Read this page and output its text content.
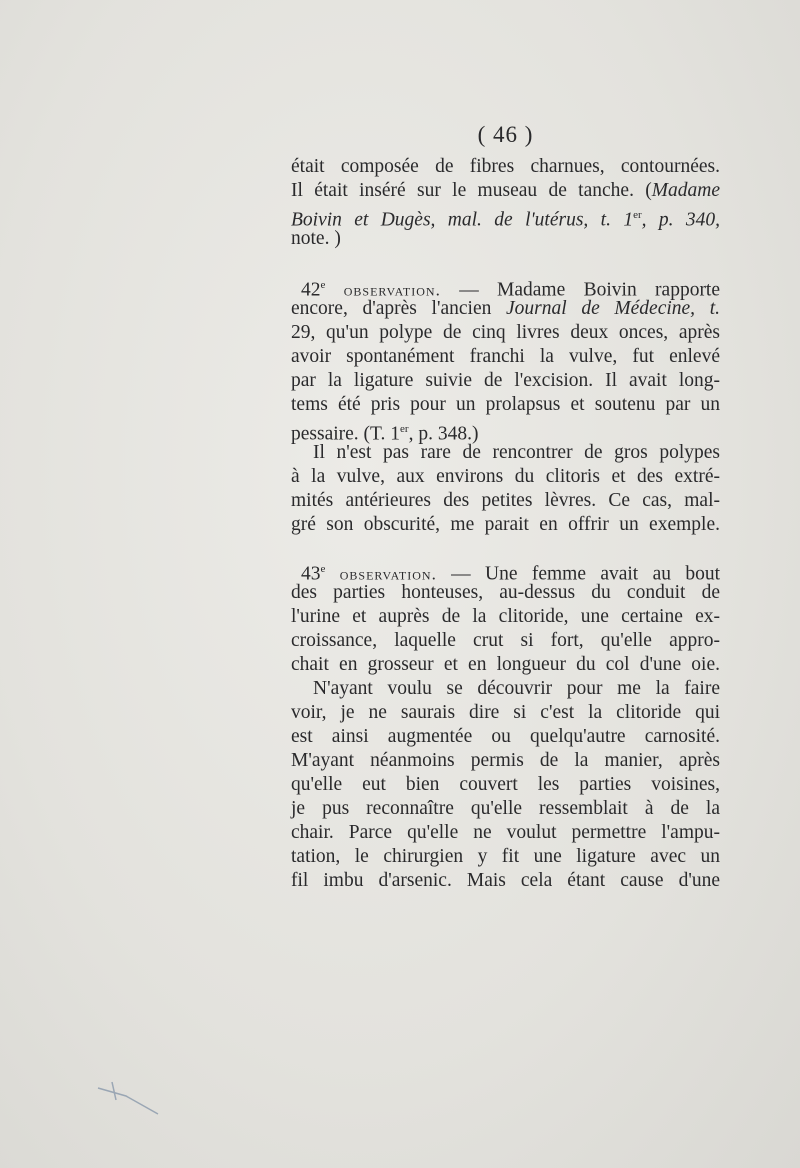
( 46 )
était composée de fibres charnues, contournées.
Il était inséré sur le museau de tanche. (Madame
Boivin et Dugès, mal. de l'utérus, t. 1er, p. 340,
note. )
42e observation. — Madame Boivin rapporte
encore, d'après l'ancien Journal de Médecine, t.
29, qu'un polype de cinq livres deux onces, après
avoir spontanément franchi la vulve, fut enlevé
par la ligature suivie de l'excision. Il avait long-
tems été pris pour un prolapsus et soutenu par un
pessaire. (T. 1er, p. 348.)
Il n'est pas rare de rencontrer de gros polypes
à la vulve, aux environs du clitoris et des extré-
mités antérieures des petites lèvres. Ce cas, mal-
gré son obscurité, me parait en offrir un exemple.
43e observation. — Une femme avait au bout
des parties honteuses, au-dessus du conduit de
l'urine et auprès de la clitoride, une certaine ex-
croissance, laquelle crut si fort, qu'elle appro-
chait en grosseur et en longueur du col d'une oie.
N'ayant voulu se découvrir pour me la faire
voir, je ne saurais dire si c'est la clitoride qui
est ainsi augmentée ou quelqu'autre carnosité.
M'ayant néanmoins permis de la manier, après
qu'elle eut bien couvert les parties voisines,
je pus reconnaître qu'elle ressemblait à de la
chair. Parce qu'elle ne voulut permettre l'ampu-
tation, le chirurgien y fit une ligature avec un
fil imbu d'arsenic. Mais cela étant cause d'une
